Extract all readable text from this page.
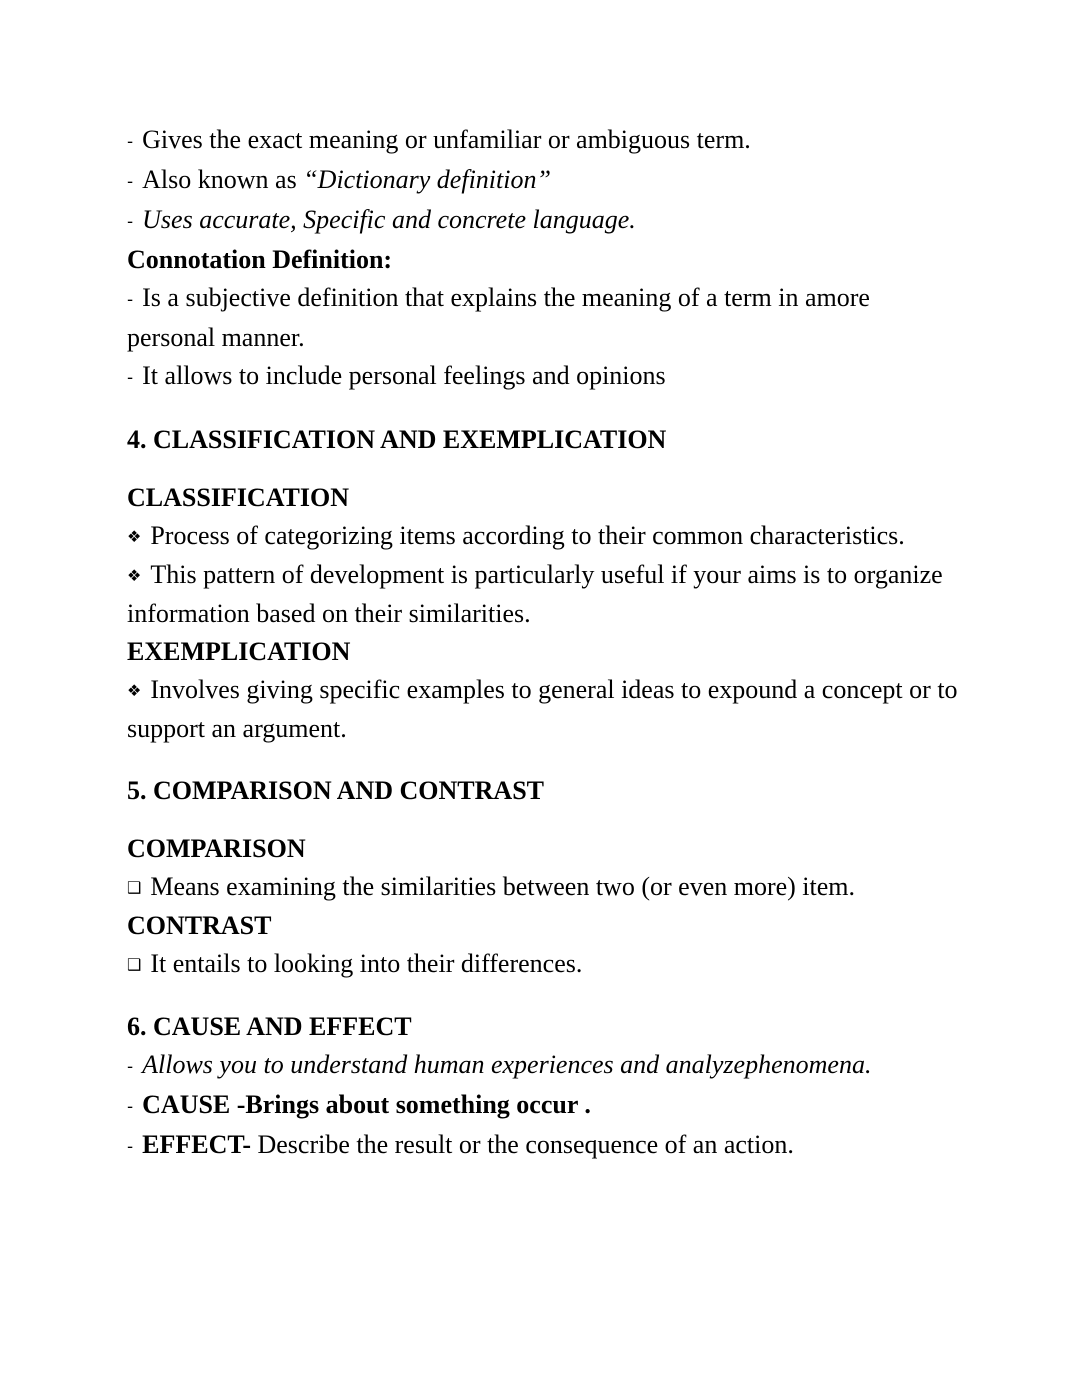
- Gives the exact meaning or unfamiliar or ambiguous term.

- Also known as “Dictionary definition”

- Uses accurate, Specific and concrete language.

Connotation Definition:

- Is a subjective definition that explains the meaning of a term in amore personal manner.

- It allows to include personal feelings and opinions

4. CLASSIFICATION AND EXEMPLICATION

CLASSIFICATION

❖ Process of categorizing items according to their common characteristics.

❖ This pattern of development is particularly useful if your aims is to organize information based on their similarities.

EXEMPLICATION

❖ Involves giving specific examples to general ideas to expound a concept or to support an argument.

5. COMPARISON AND CONTRAST

COMPARISON

❑ Means examining the similarities between two (or even more) item.

CONTRAST

❑ It entails to looking into their differences.

6. CAUSE AND EFFECT

- Allows you to understand human experiences and analyzephenomena.

- CAUSE -Brings about something occur .

- EFFECT- Describe the result or the consequence of an action.
